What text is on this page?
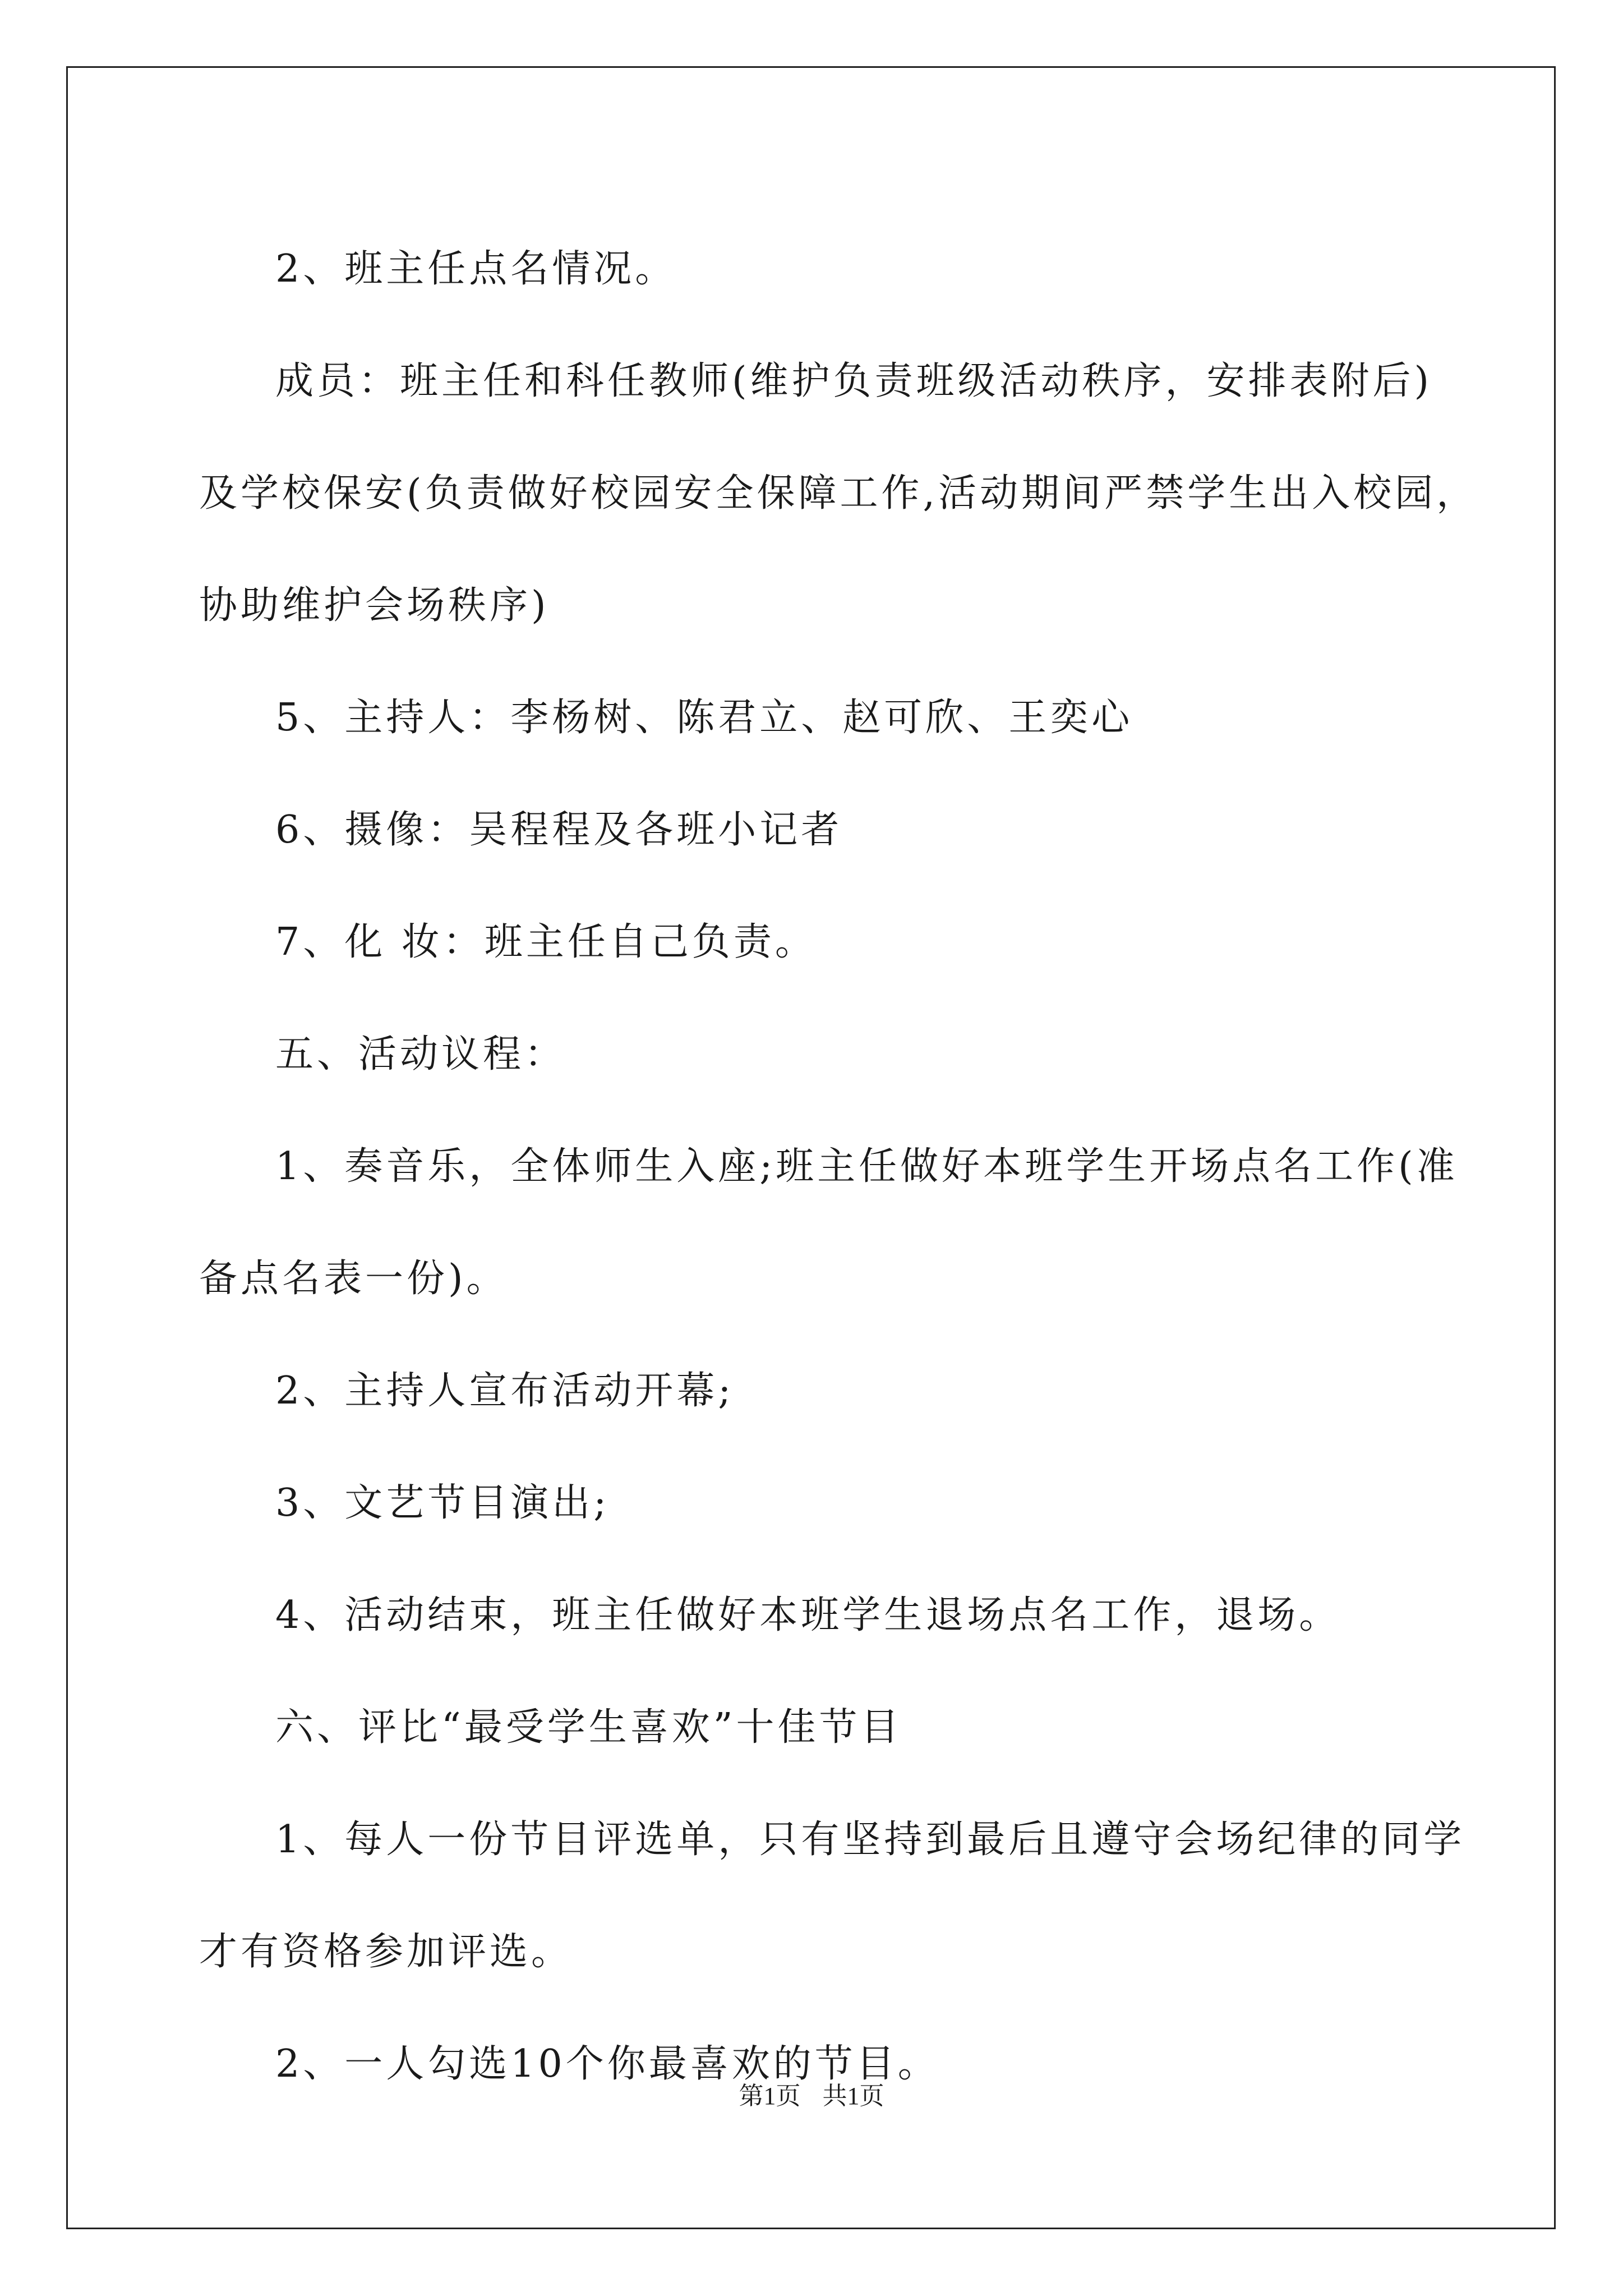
2、班主任点名情况。

成员：班主任和科任教师(维护负责班级活动秩序，安排表附后)

及学校保安(负责做好校园安全保障工作,活动期间严禁学生出入校园，

协助维护会场秩序)

5、主持人：李杨树、陈君立、赵可欣、王奕心

6、摄像：吴程程及各班小记者

7、化 妆：班主任自己负责。

五、活动议程：

1、奏音乐，全体师生入座;班主任做好本班学生开场点名工作(准

备点名表一份)。

2、主持人宣布活动开幕;

3、文艺节目演出;

4、活动结束，班主任做好本班学生退场点名工作，退场。

六、评比“最受学生喜欢”十佳节目

1、每人一份节目评选单，只有坚持到最后且遵守会场纪律的同学

才有资格参加评选。

2、一人勾选10个你最喜欢的节目。

第1页 共1页
